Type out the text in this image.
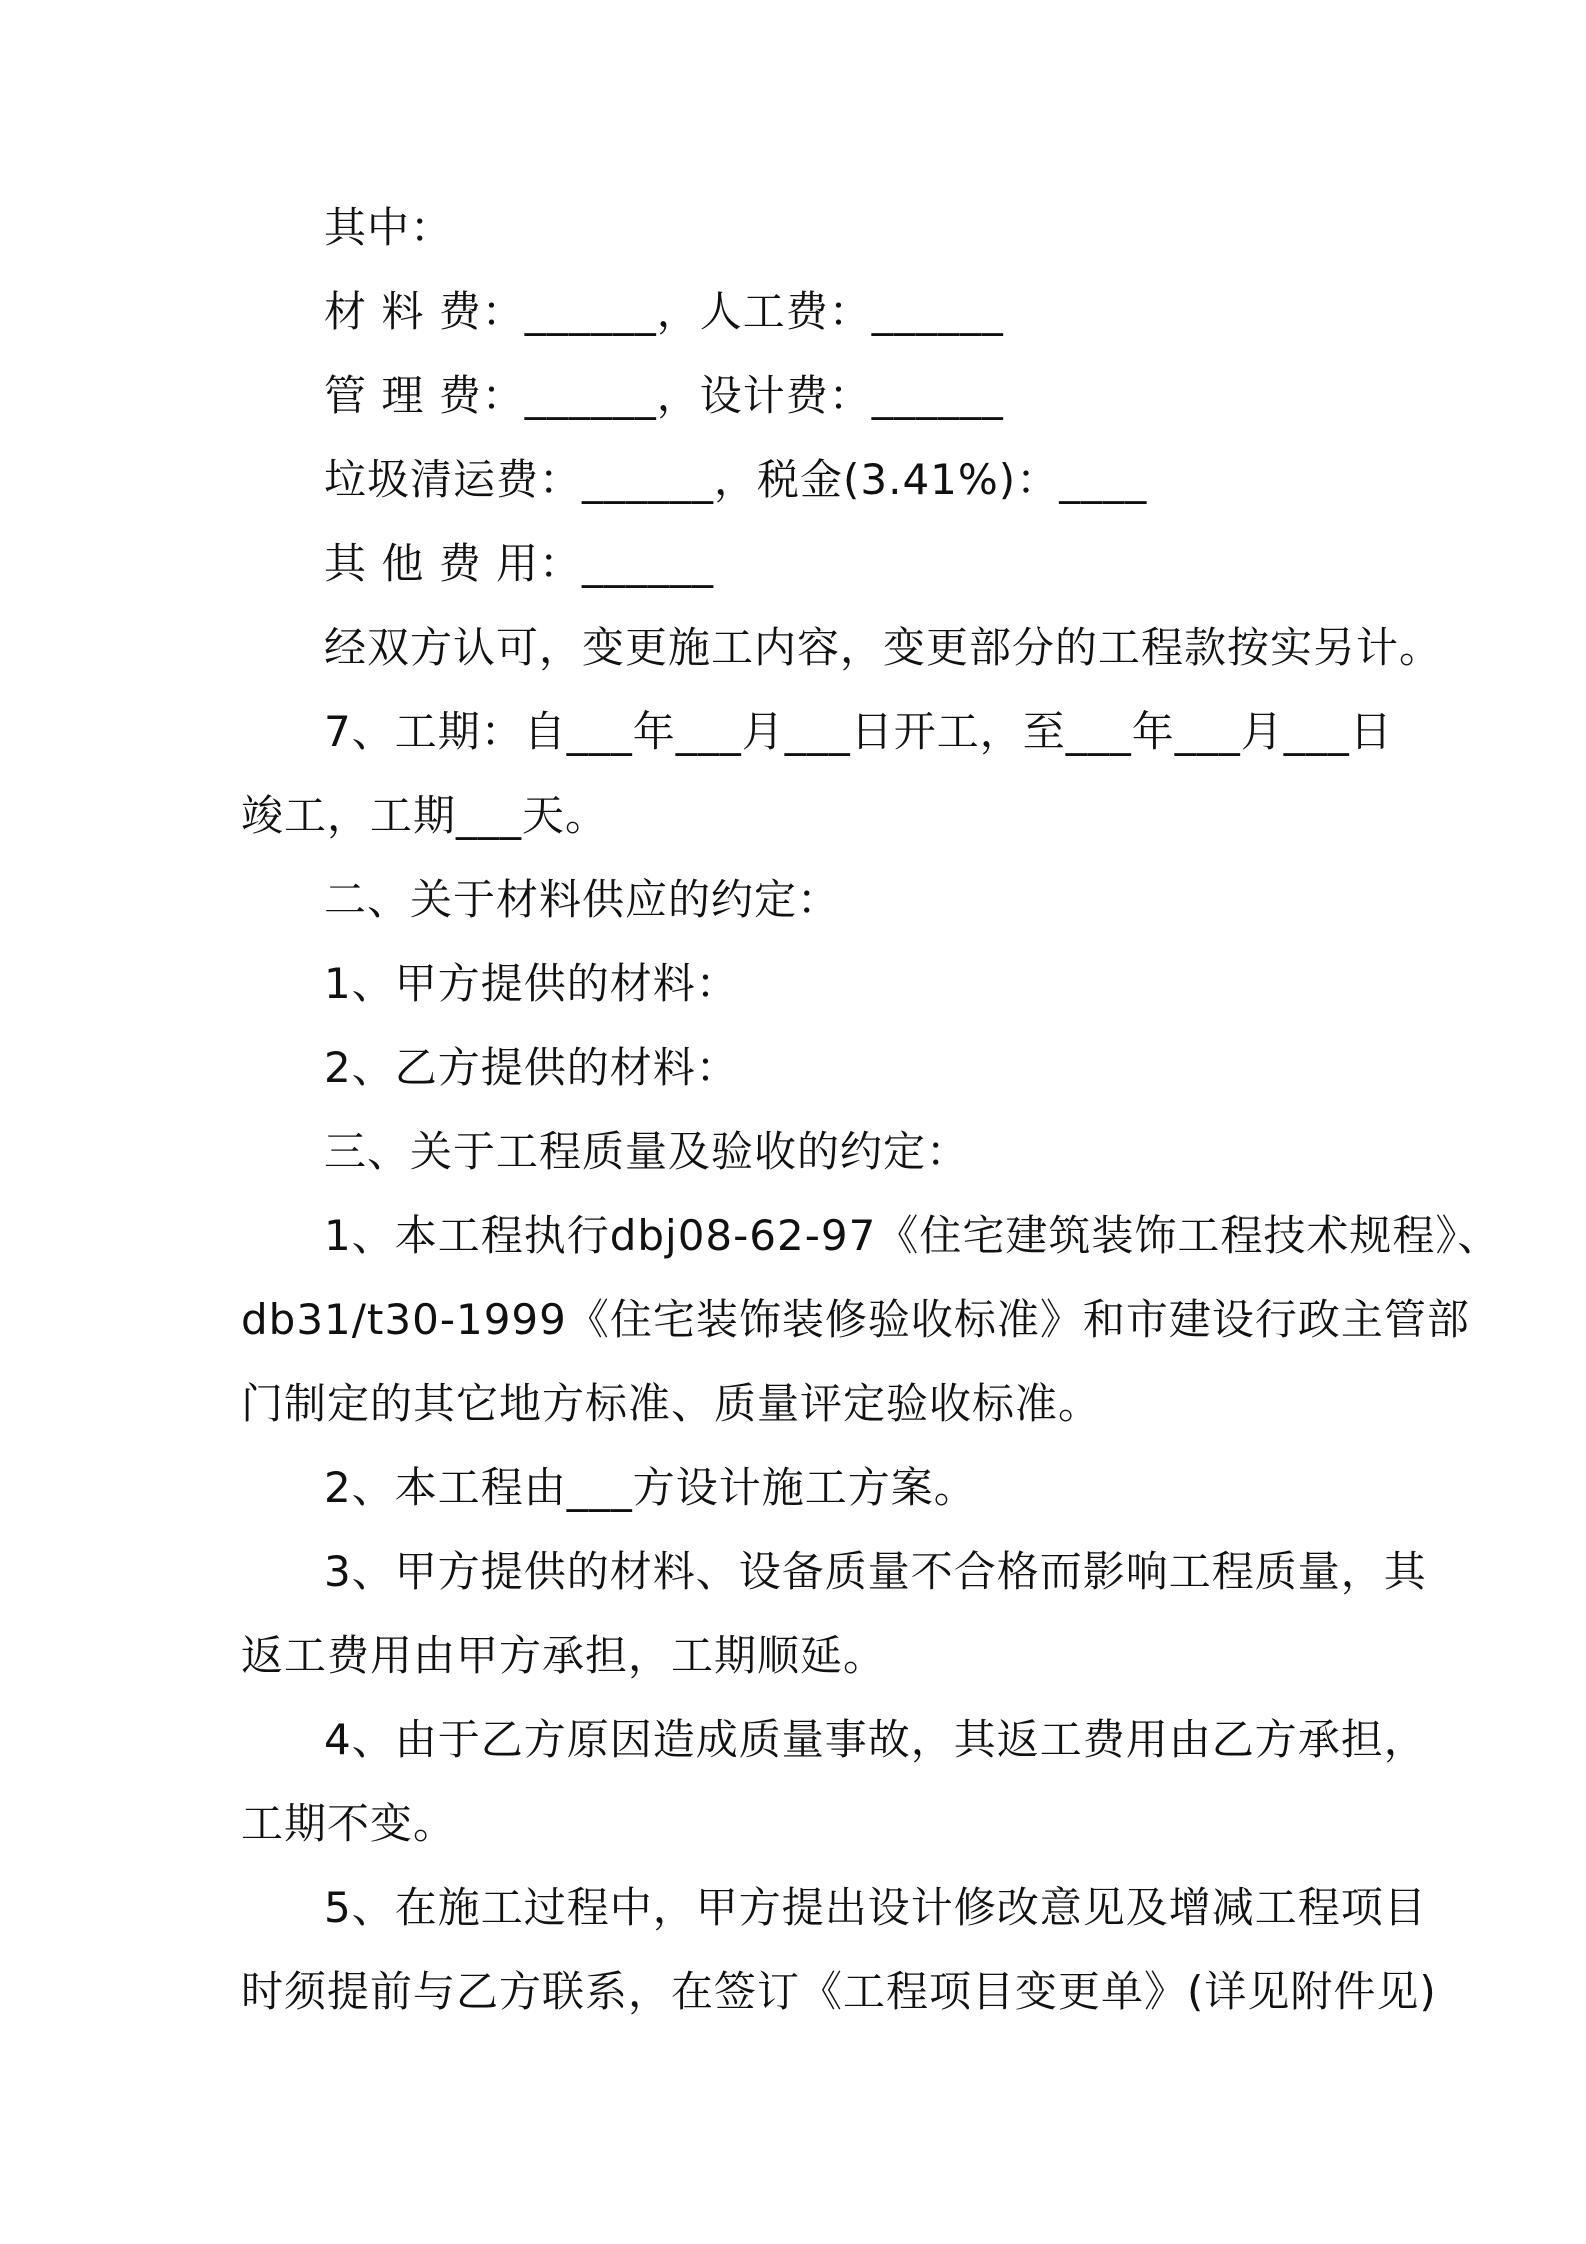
其中：
材 料 费：______，人工费：______
管 理 费：______，设计费：______
垃圾清运费：______，税金(3.41%)：____
其 他 费 用：______
经双方认可，变更施工内容，变更部分的工程款按实另计。
7、工期：自___年___月___日开工，至___年___月___日
竣工，工期___天。
二、关于材料供应的约定：
1、甲方提供的材料：
2、乙方提供的材料：
三、关于工程质量及验收的约定：
1、本工程执行dbj08-62-97《住宅建筑装饰工程技术规程》、
db31/t30-1999《住宅装饰装修验收标准》和市建设行政主管部
门制定的其它地方标准、质量评定验收标准。
2、本工程由___方设计施工方案。
3、甲方提供的材料、设备质量不合格而影响工程质量，其
返工费用由甲方承担，工期顺延。
4、由于乙方原因造成质量事故，其返工费用由乙方承担，
工期不变。
5、在施工过程中，甲方提出设计修改意见及增减工程项目
时须提前与乙方联系，在签订《工程项目变更单》(详见附件见)
